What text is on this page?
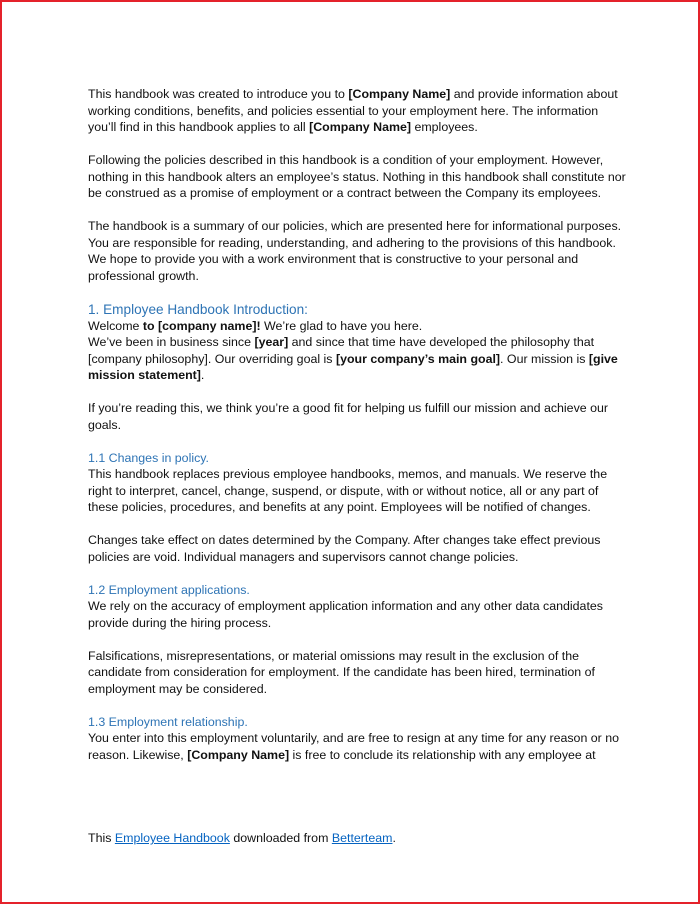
This handbook was created to introduce you to [Company Name] and provide information about working conditions, benefits, and policies essential to your employment here. The information you’ll find in this handbook applies to all [Company Name] employees.

Following the policies described in this handbook is a condition of your employment. However, nothing in this handbook alters an employee’s status. Nothing in this handbook shall constitute nor be construed as a promise of employment or a contract between the Company its employees.

The handbook is a summary of our policies, which are presented here for informational purposes. You are responsible for reading, understanding, and adhering to the provisions of this handbook. We hope to provide you with a work environment that is constructive to your personal and professional growth.

1. Employee Handbook Introduction:

Welcome to [company name]! We’re glad to have you here.

We’ve been in business since [year] and since that time have developed the philosophy that [company philosophy]. Our overriding goal is [your company’s main goal]. Our mission is [give mission statement].

If you’re reading this, we think you’re a good fit for helping us fulfill our mission and achieve our goals.

1.1 Changes in policy.

This handbook replaces previous employee handbooks, memos, and manuals. We reserve the right to interpret, cancel, change, suspend, or dispute, with or without notice, all or any part of these policies, procedures, and benefits at any point. Employees will be notified of changes.

Changes take effect on dates determined by the Company. After changes take effect previous policies are void. Individual managers and supervisors cannot change policies.

1.2 Employment applications.

We rely on the accuracy of employment application information and any other data candidates provide during the hiring process.

Falsifications, misrepresentations, or material omissions may result in the exclusion of the candidate from consideration for employment. If the candidate has been hired, termination of employment may be considered.

1.3 Employment relationship.

You enter into this employment voluntarily, and are free to resign at any time for any reason or no reason. Likewise, [Company Name] is free to conclude its relationship with any employee at

This Employee Handbook downloaded from Betterteam.
